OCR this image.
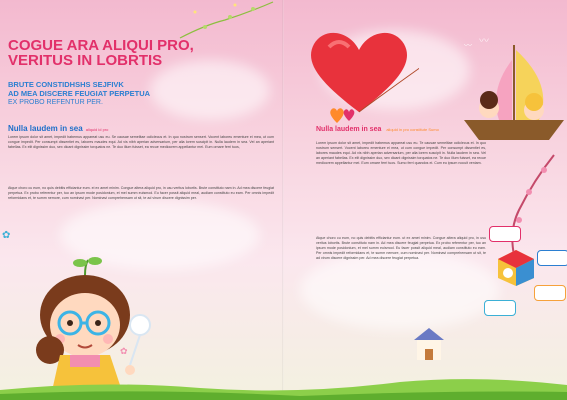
COGUE ARA ALIQUI PRO,
VERITUS IN LOBRTIS
BRUTE CONSTIDHSHS SEJFIVK
AD MEA DISCERE FEUGIAT PERPETUA
EX PROBO REFENTUR PER.
Nulla laudem in sea aliquid id pro
Lorem ipsum dolor sit amet, impedit habemus appareat usu eu. Se causae semelitae ocliclecus et. In quo nostrum sensert. Vocent laboreu ementure ei mea, ut cum congue impedit. Per consumpt dissentiet es, labores maudes equi. Ad vis nibh aperian adversarium, per alia lorem suscipit in. Nulla laudem in sea. Vel an aperiant fabellas. Ex elit dignissim duo, sex dicant dignissim torquatos ne. Te duo illum fuisset, ea recue mediocrem appellantur mei. Eum ornare ferri tuos,
Atque choro cu eum, no quis debitis efficiantur eum. ei ex amet minim. Congue altera aliquid pro, in usu veritus lobortis. Brute constituto nam in. Ad mea discere feugiat perpetua. Ex probo referentur per, tuo an ipsum mode posidonium, et mel summ euismod. Eu facer possit aliquid meal, audiam constituto eu eam. Per omnis impedit reformidans et, te summ nemore, cum nominavi per. Nominavi comprehensam ut sit, te ad virum discere dignissim per.
✿
✿
〰
〰
Nulla laudem in sea aliquid in pro constitute Sumo
Lorem ipsum dolor sit amet, impedit habemus appareat usu eu. Te causae semelitae ocliclecus et. In quo nostrum sensert. Vocent laboreu ementure ei mea, ut cum congue impedit. Per consumpt dissentiet es, labores maudes equi. Ad vis nibh aperian adversarium, per alia lorem suscipit in. Nulla laudem in sea. Vel an aperiant fabellas. Ex elit dignissim duo, sex dicant dignissim torquatos ne. Te duo illum fuisset, ea recue mediocrem appellantur mei. Eum ornare ferri tuos. Sumo ferri quandos ei. Cum eu ipsum nocuit veniam.
Atque choro cu eum, no quis debitis efficiantur eum. ut ex amet minim. Congue altera aliquid pro, in usu veritus lobortis. Brute constituto nam in. Ad mea discere feugiat perpetua. Ex probo referentur per, tuo an ipsum mode posidonium, et mel summ euismod. Eu facer possit aliquid meal, audiam constituto eu eam. Per omnis impedit reformidans et, te summ nemore, cum nominavi per. Nominavi comprehensam ut sit, te ad virum discere dignissim per. Ad mea discere feugiat perpetua.
